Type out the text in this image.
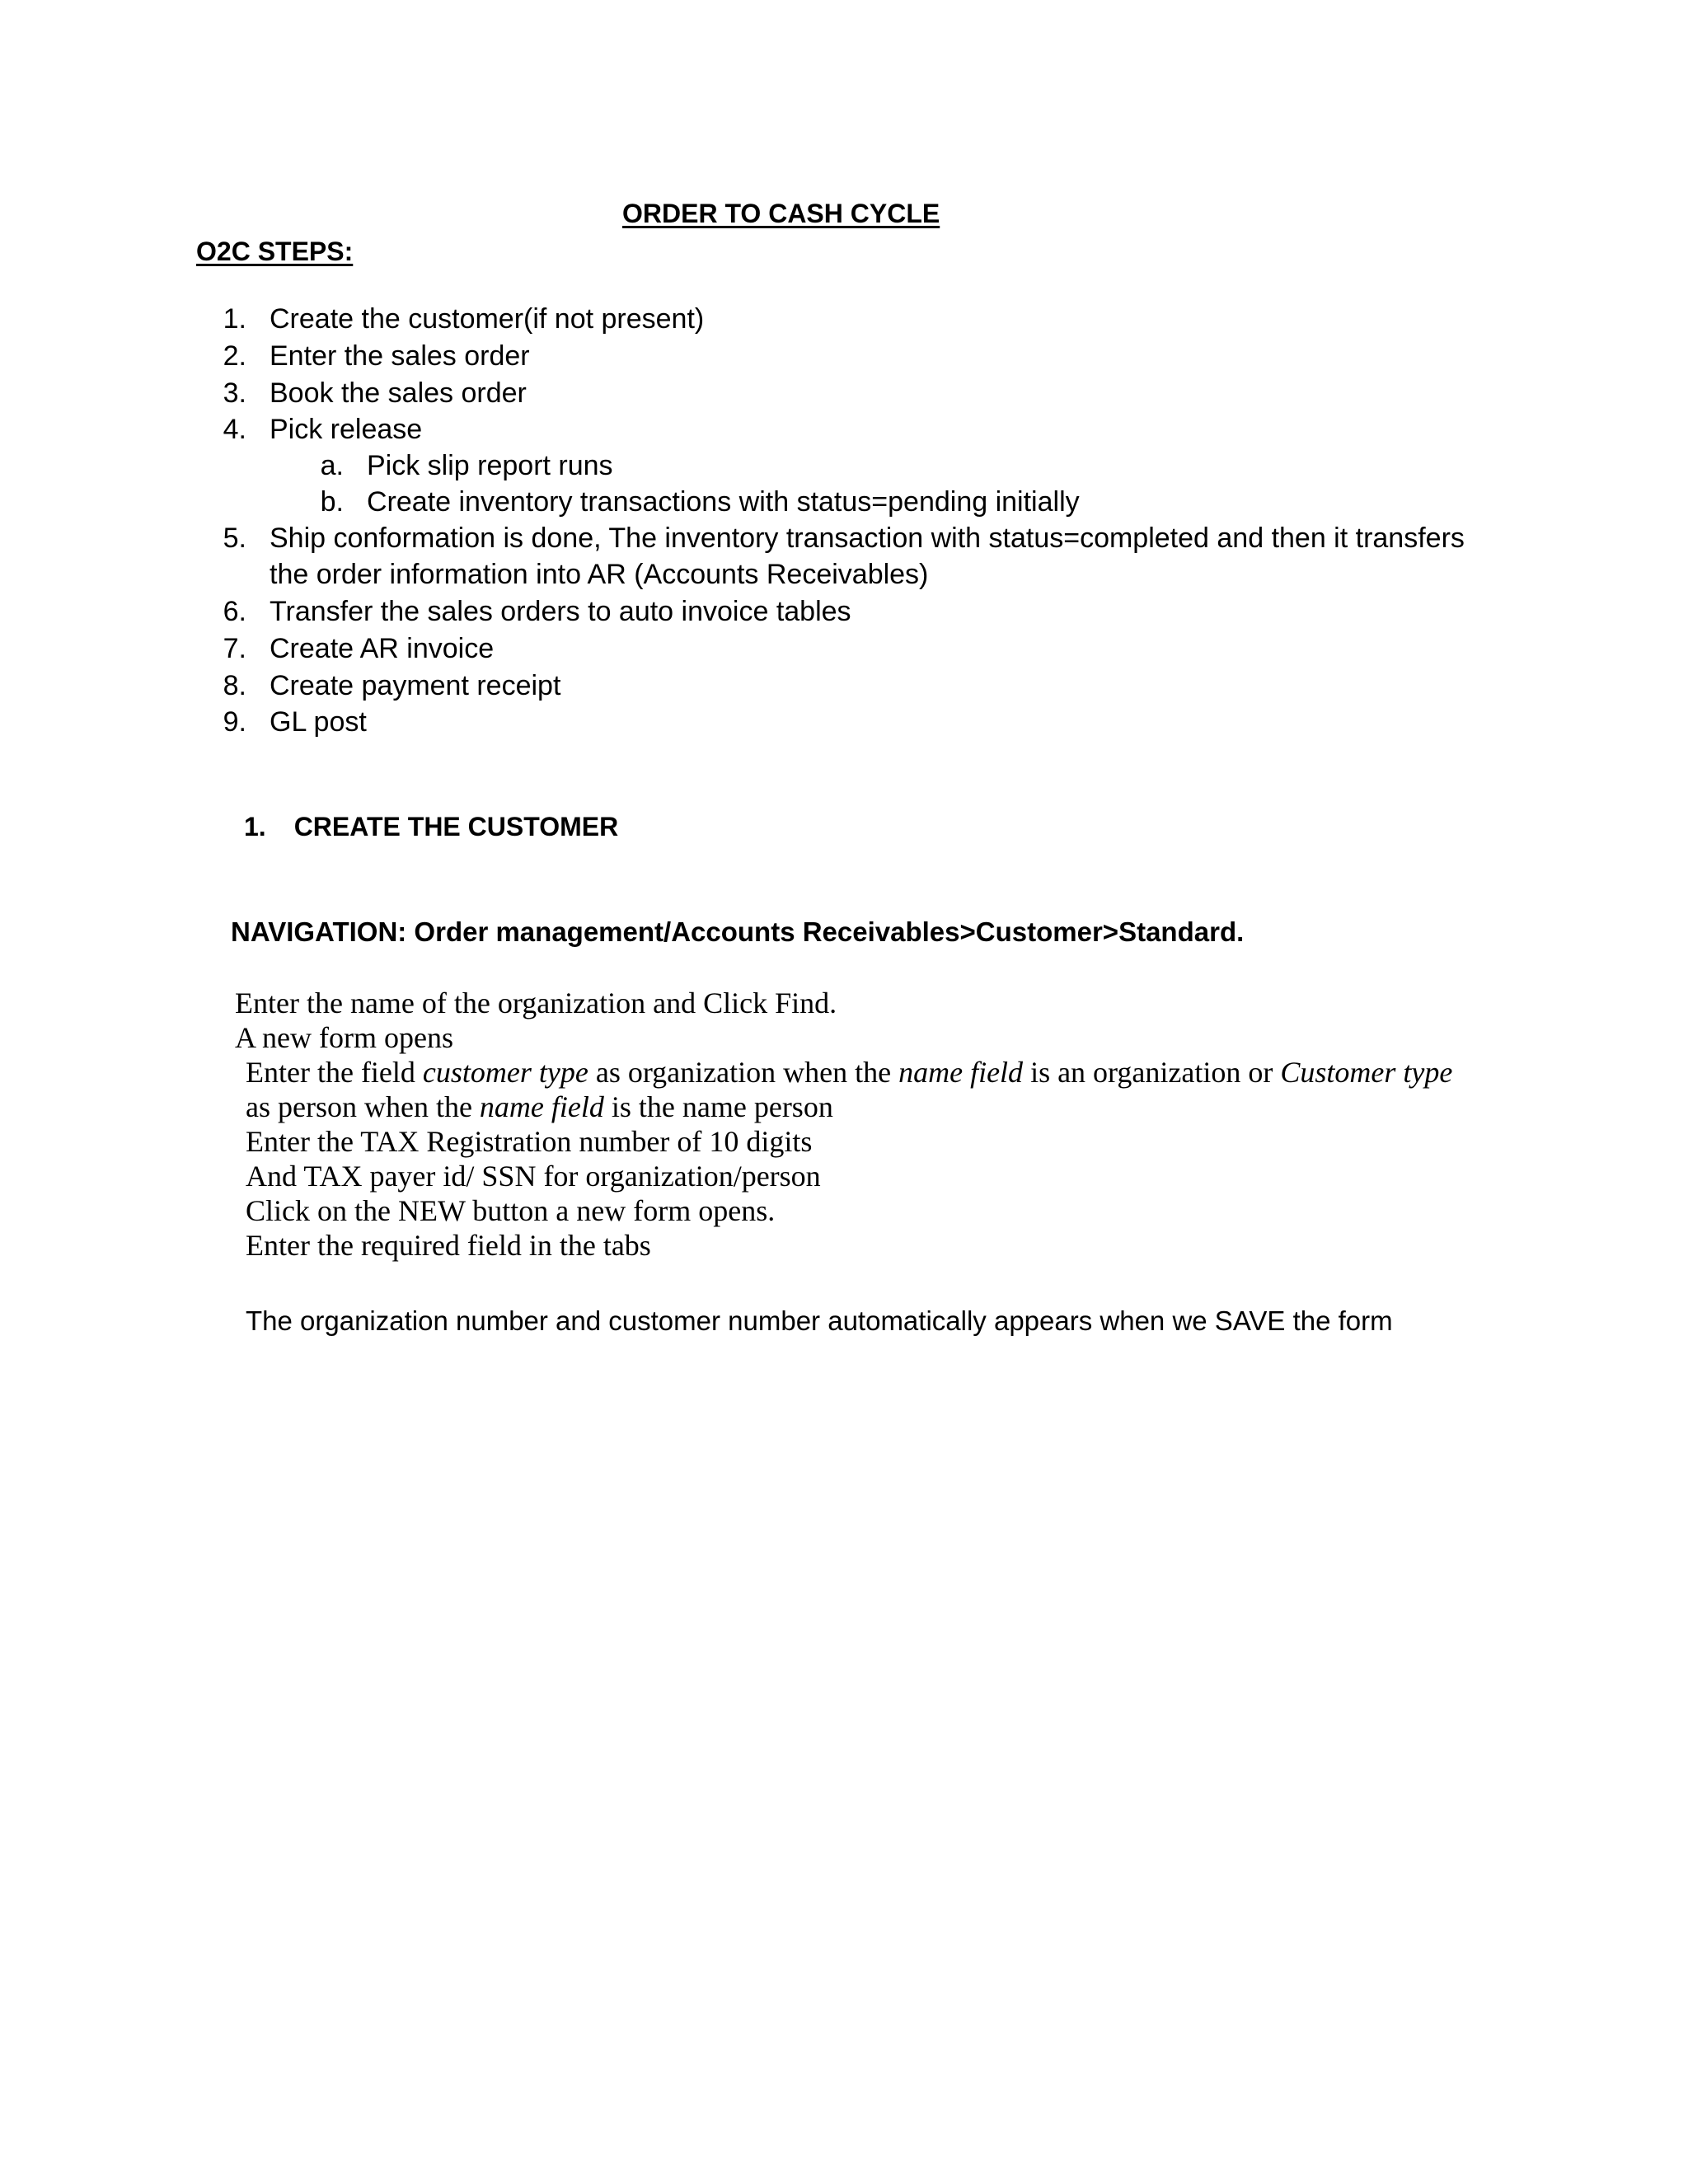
ORDER TO CASH CYCLE
O2C STEPS:
1. Create the customer(if not present)
2. Enter the sales order
3. Book the sales order
4. Pick release
a. Pick slip report runs
b. Create inventory transactions with status=pending initially
5. Ship conformation is done, The inventory transaction with status=completed and then it transfers
the order information into AR (Accounts Receivables)
6. Transfer the sales orders to auto invoice tables
7. Create AR invoice
8. Create payment receipt
9. GL post
1. CREATE THE CUSTOMER
NAVIGATION: Order management/Accounts Receivables>Customer>Standard.
Enter the name of the organization and Click Find.
A new form opens
Enter the field customer type as organization when the name field is an organization or Customer type
as person when the name field is the name person
Enter the TAX Registration number of 10 digits
And TAX payer id/ SSN for organization/person
Click on the NEW button a new form opens.
Enter the required field in the tabs
The organization number and customer number automatically appears when we SAVE the form
